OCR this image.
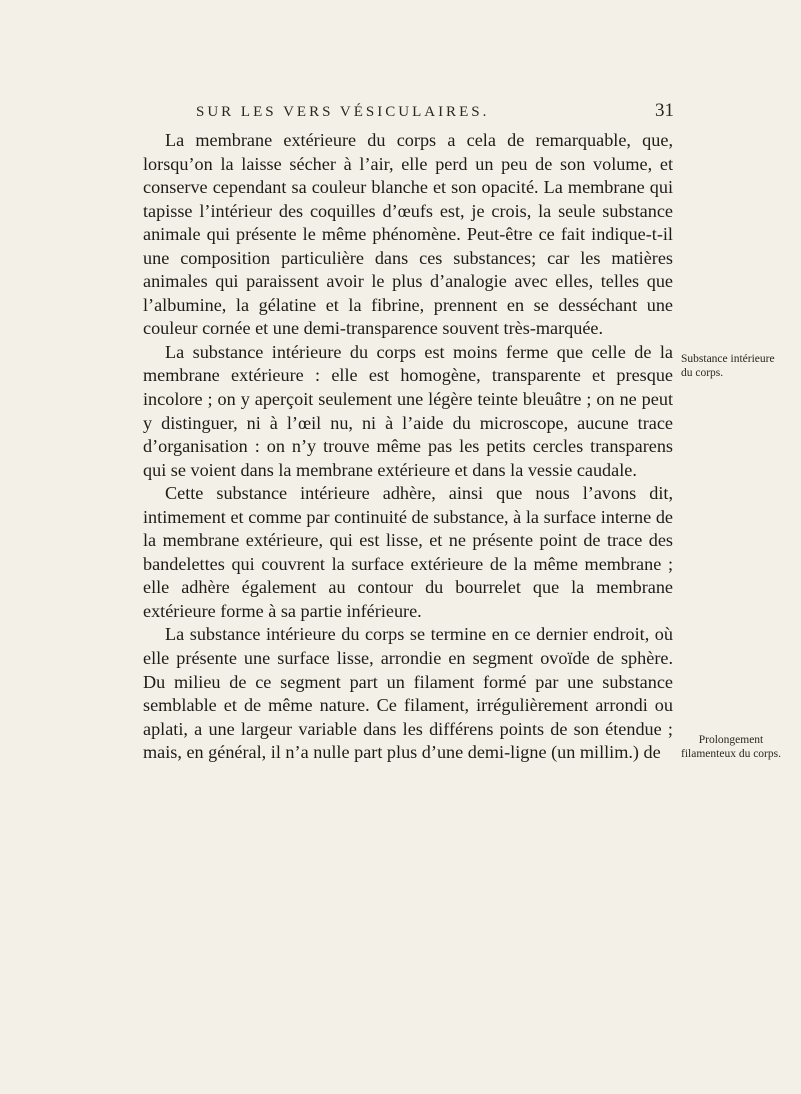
SUR LES VERS VÉSICULAIRES.	31

La membrane extérieure du corps a cela de remarquable, que, lorsqu’on la laisse sécher à l’air, elle perd un peu de son volume, et conserve cependant sa couleur blanche et son opacité. La membrane qui tapisse l’intérieur des coquilles d’œufs est, je crois, la seule substance animale qui présente le même phénomène. Peut-être ce fait indique-t-il une composition particulière dans ces substances; car les matières animales qui paraissent avoir le plus d’analogie avec elles, telles que l’albumine, la gélatine et la fibrine, prennent en se desséchant une couleur cornée et une demi-transparence souvent très-marquée.

La substance intérieure du corps est moins ferme que celle de la membrane extérieure : elle est homogène, transparente et presque incolore ; on y aperçoit seulement une légère teinte bleuâtre ; on ne peut y distinguer, ni à l’œil nu, ni à l’aide du microscope, aucune trace d’organisation : on n’y trouve même pas les petits cercles transparens qui se voient dans la membrane extérieure et dans la vessie caudale.

Cette substance intérieure adhère, ainsi que nous l’avons dit, intimement et comme par continuité de substance, à la surface interne de la membrane extérieure, qui est lisse, et ne présente point de trace des bandelettes qui couvrent la surface extérieure de la même membrane ; elle adhère également au contour du bourrelet que la membrane extérieure forme à sa partie inférieure.

La substance intérieure du corps se termine en ce dernier endroit, où elle présente une surface lisse, arrondie en segment ovoïde de sphère. Du milieu de ce segment part un filament formé par une substance semblable et de même nature. Ce filament, irrégulièrement arrondi ou aplati, a une largeur variable dans les différens points de son étendue ; mais, en général, il n’a nulle part plus d’une demi-ligne (un millim.) de

Substance intérieure du corps.
Prolongement filamenteux du corps.
